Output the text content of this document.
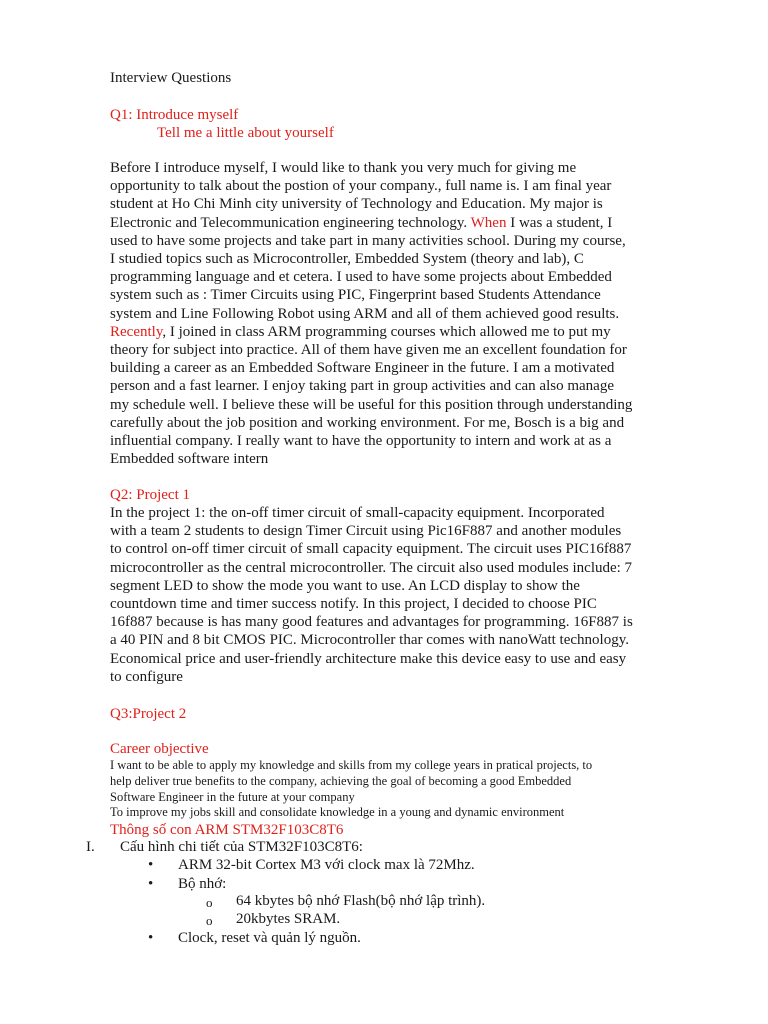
Interview Questions
Q1: Introduce myself
Tell me a little about yourself
Before I introduce myself, I would like to thank you very much for giving me
opportunity to talk about the postion of your company., full name is. I am final year
student at Ho Chi Minh city university of Technology and Education. My major is
Electronic and Telecommunication engineering technology. When I was a student, I
used to have some projects and take part in many activities school. During my course,
I studied topics such as Microcontroller, Embedded System (theory and lab), C
programming language and et cetera. I used to have some projects about Embedded
system such as : Timer Circuits using PIC, Fingerprint based Students Attendance
system and Line Following Robot using ARM and all of them achieved good results.
Recently, I joined in class ARM programming courses which allowed me to put my
theory for subject into practice. All of them have given me an excellent foundation for
building a career as an Embedded Software Engineer in the future. I am a motivated
person and a fast learner. I enjoy taking part in group activities and can also manage
my schedule well. I believe these will be useful for this position through understanding
carefully about the job position and working environment. For me, Bosch is a big and
influential company. I really want to have the opportunity to intern and work at as a
Embedded software intern
Q2: Project 1
In the project 1: the on-off timer circuit of small-capacity equipment. Incorporated
with a team 2 students to design Timer Circuit using Pic16F887 and another modules
to control on-off timer circuit of small capacity equipment. The circuit uses PIC16f887
microcontroller as the central microcontroller. The circuit also used modules include: 7
segment LED to show the mode you want to use. An LCD display to show the
countdown time and timer success notify. In this project, I decided to choose PIC
16f887 because is has many good features and advantages for programming. 16F887 is
a 40 PIN and 8 bit CMOS PIC. Microcontroller thar comes with nanoWatt technology.
Economical price and user-friendly architecture make this device easy to use and easy
to configure
Q3:Project 2
Career objective
I want to be able to apply my knowledge and skills from my college years in pratical projects, to
help deliver true benefits to the company, achieving the goal of becoming a good Embedded
Software Engineer in the future at your company
To improve my jobs skill and consolidate knowledge in a young and dynamic environment
Thông số con ARM STM32F103C8T6
I. Cấu hình chi tiết của STM32F103C8T6:
• ARM 32-bit Cortex M3 với clock max là 72Mhz.
• Bộ nhớ:
o 64 kbytes bộ nhớ Flash(bộ nhớ lập trình).
o 20kbytes SRAM.
• Clock, reset và quản lý nguồn.
